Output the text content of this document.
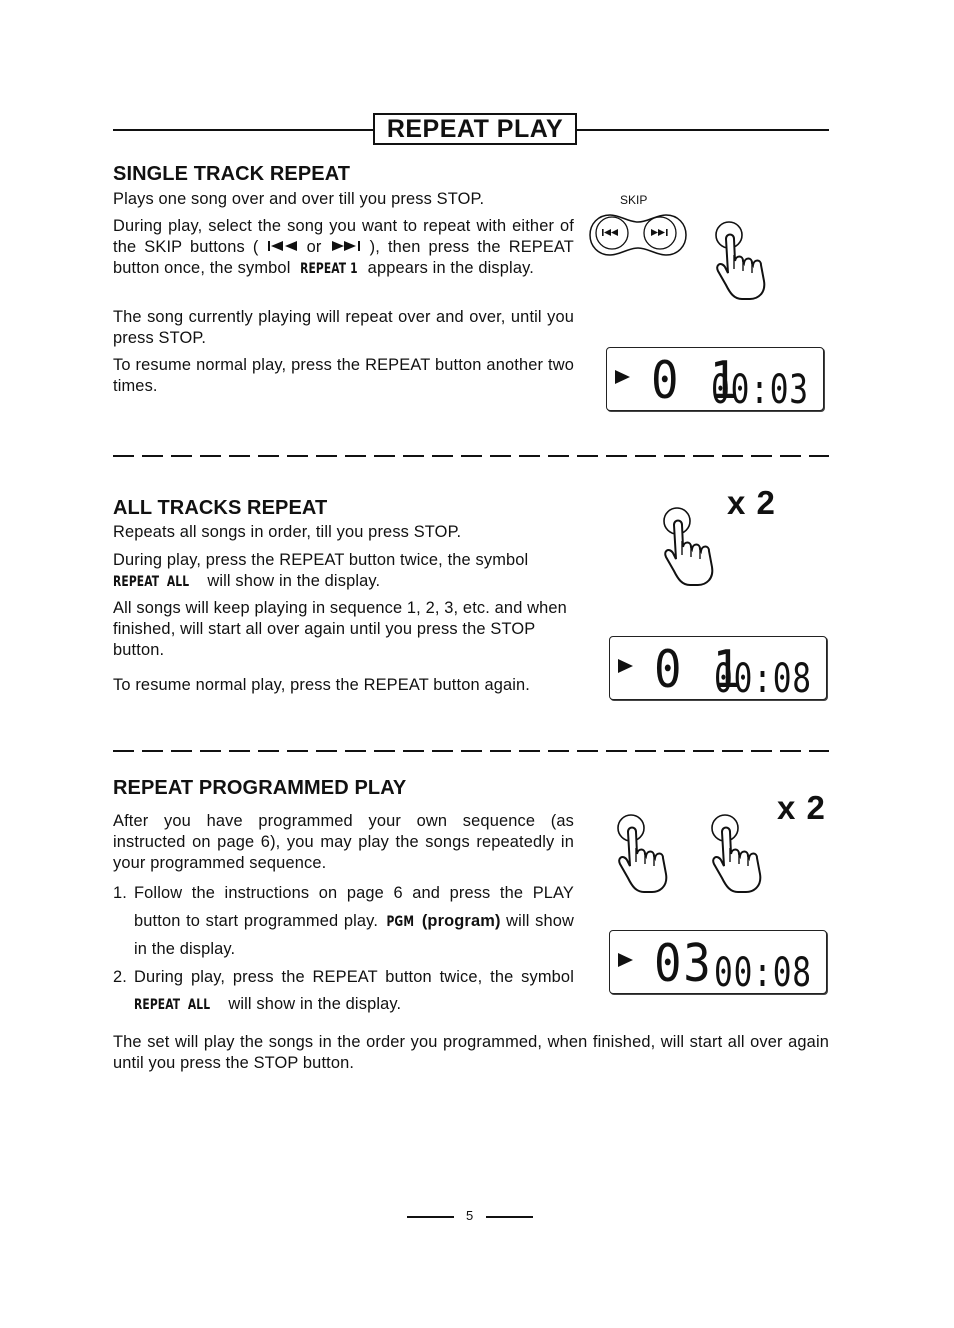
REPEAT PLAY
SINGLE TRACK REPEAT

Plays one song over and over till you press STOP.

During play, select the song you want to repeat with either of the SKIP buttons (	or	), then press the REPEAT button once, the symbol REPEAT 1 appears in the display.

The song currently playing will repeat over and over, until you press STOP.

To resume normal play, press the REPEAT button another two times.

SKIP
0 1
00:03
ALL TRACKS REPEAT

Repeats all songs in order, till you press STOP.

During play, press the REPEAT button twice, the symbol REPEAT  ALL will show in the display.

All songs will keep playing in sequence 1, 2, 3, etc. and when finished, will start all over again until you press the STOP button.

To resume normal play, press the REPEAT button again.

x 2
0 1
00:08
REPEAT PROGRAMMED PLAY

After you have programmed your own sequence (as instructed on page 6), you may play the songs repeatedly in your programmed sequence.

1. Follow the instructions on page 6 and press the PLAY button to start programmed play. PGM (program) will show in the display.
2. During play, press the REPEAT button twice, the symbol REPEAT  ALL will show in the display.
x 2
03 00:08

The set will play the songs in the order you programmed, when finished, will start all over again until you press the STOP button.

5
